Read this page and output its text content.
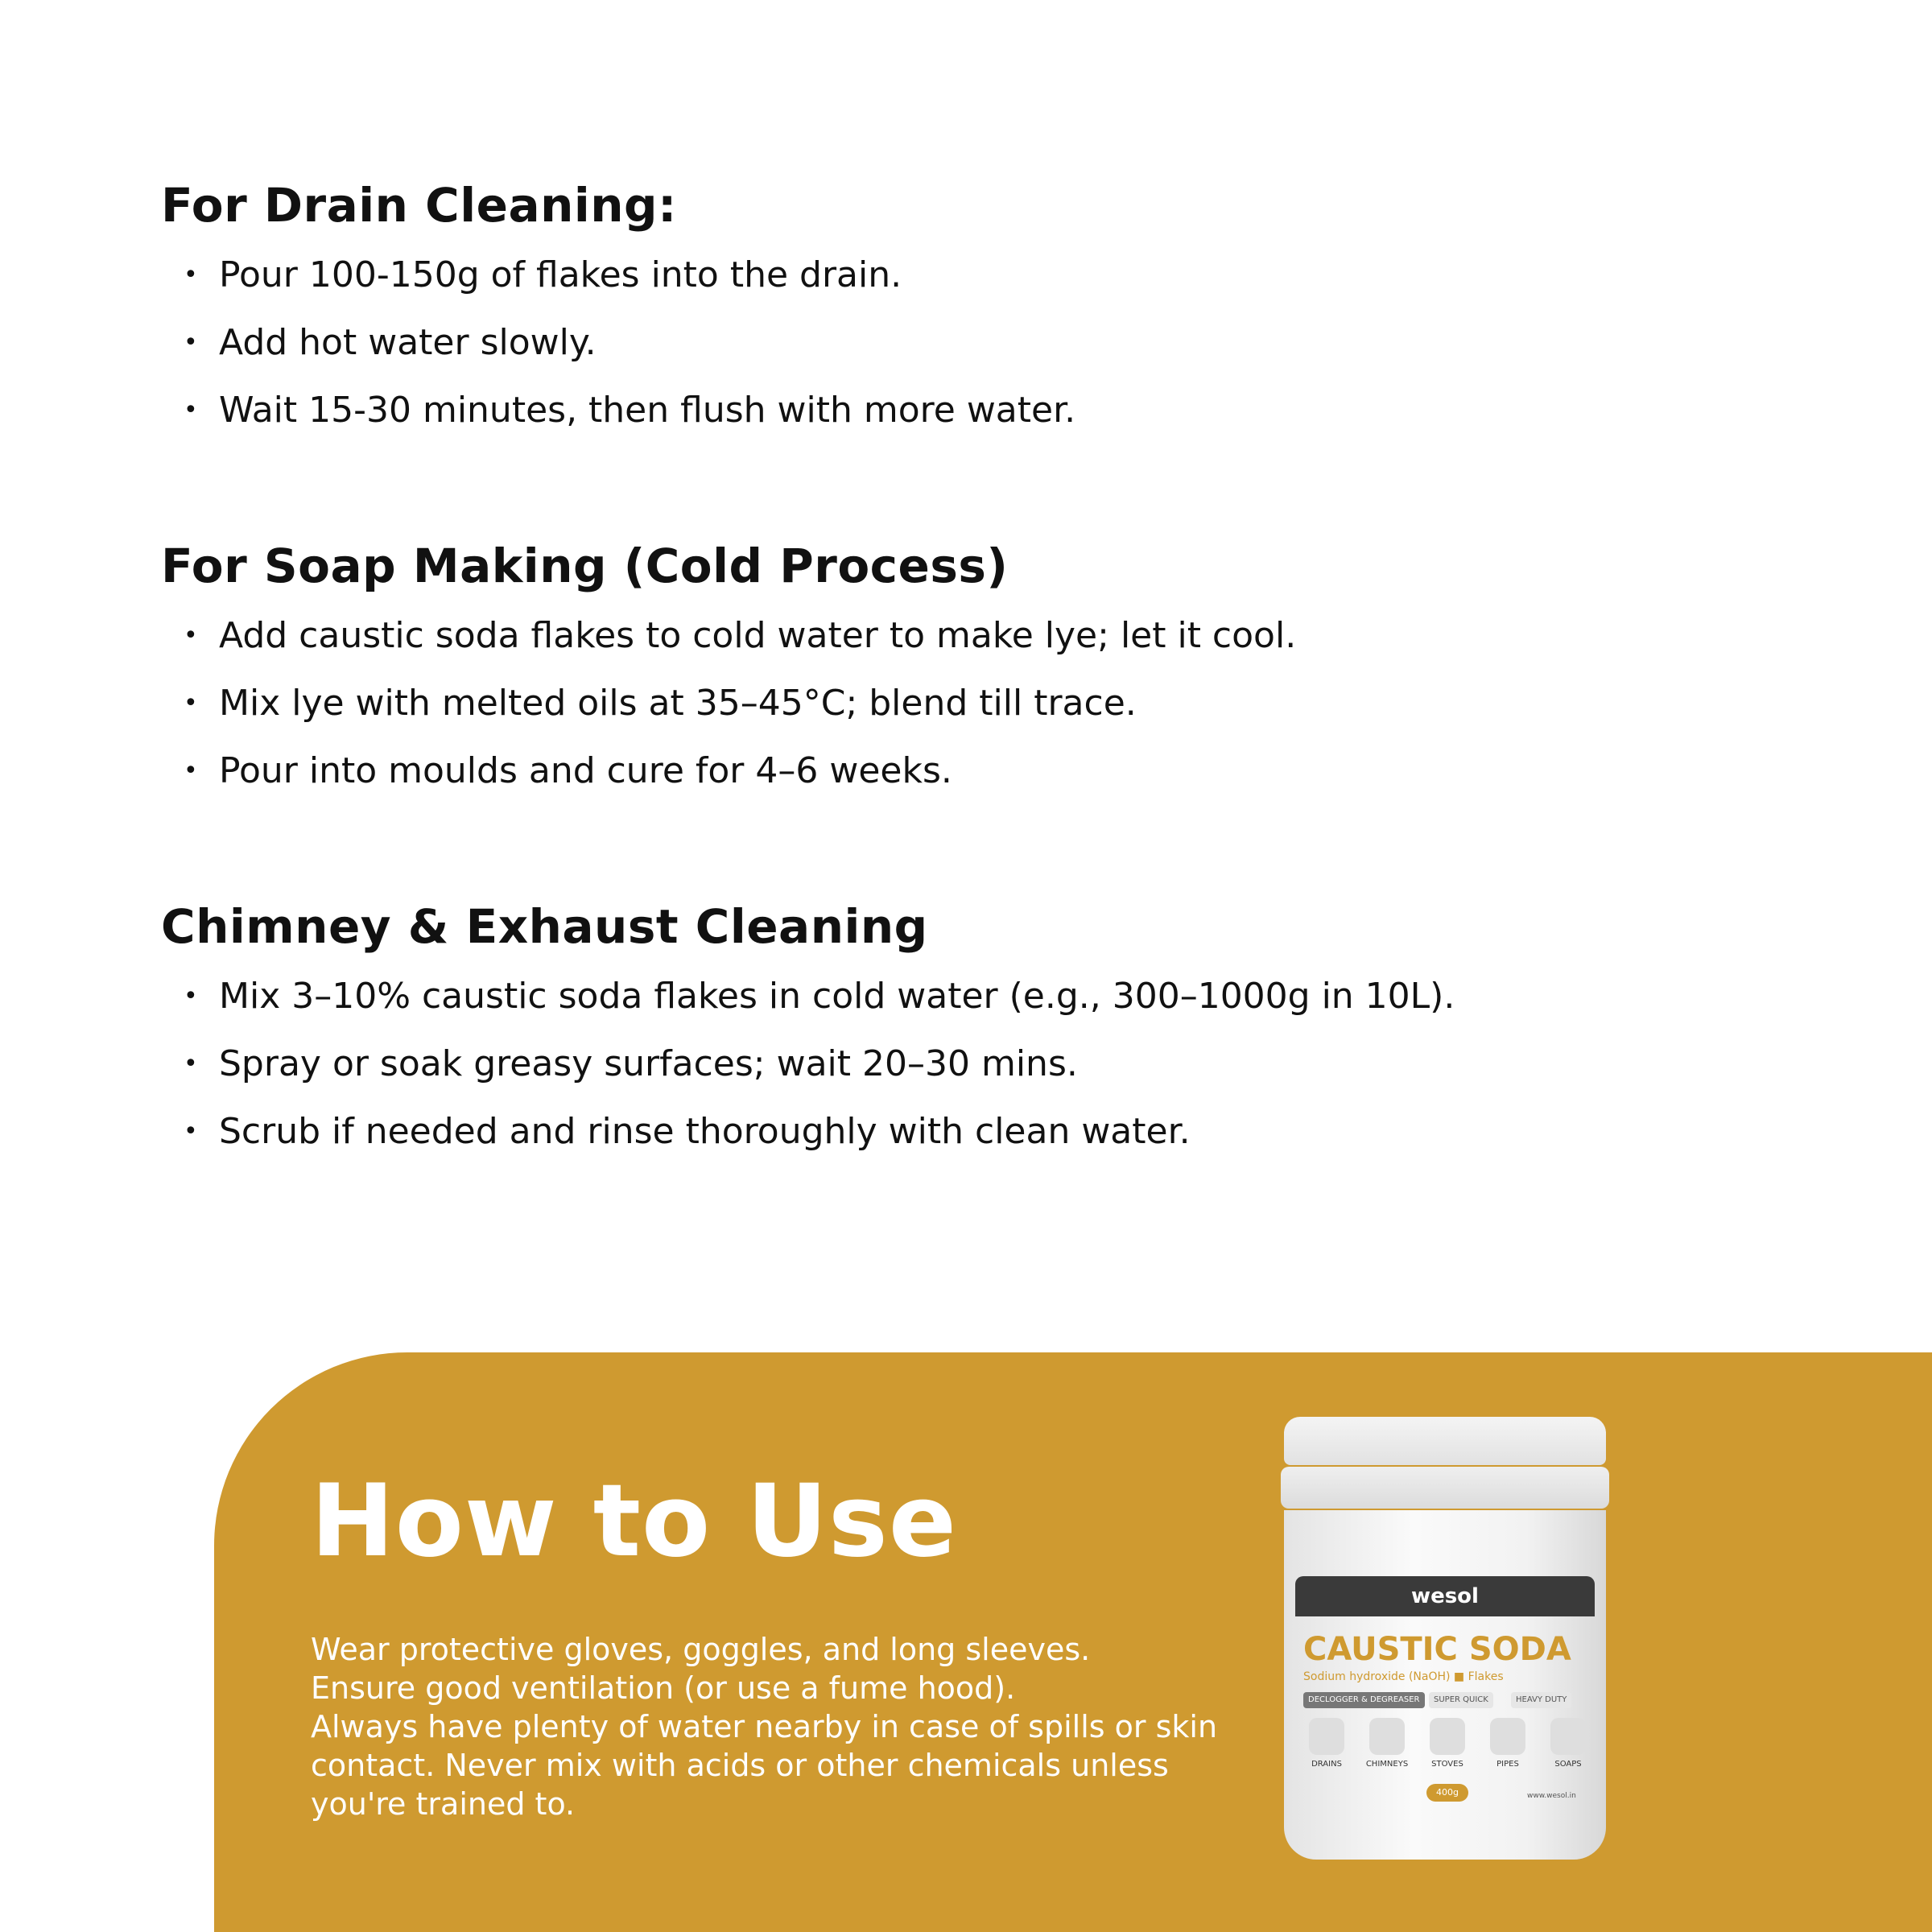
For Drain Cleaning:
• Pour 100-150g of flakes into the drain.
• Add hot water slowly.
• Wait 15-30 minutes, then flush with more water.
For Soap Making (Cold Process)
• Add caustic soda flakes to cold water to make lye; let it cool.
• Mix lye with melted oils at 35–45°C; blend till trace.
• Pour into moulds and cure for 4–6 weeks.
Chimney & Exhaust Cleaning
• Mix 3–10% caustic soda flakes in cold water (e.g., 300–1000g in 10L).
• Spray or soak greasy surfaces; wait 20–30 mins.
• Scrub if needed and rinse thoroughly with clean water.
How to Use
Wear protective gloves, goggles, and long sleeves.
Ensure good ventilation (or use a fume hood).
Always have plenty of water nearby in case of spills or skin
contact. Never mix with acids or other chemicals unless
you're trained to.
wesol
CAUSTIC SODA
Sodium hydroxide (NaOH) ■ Flakes
DECLOGGER & DEGREASER	SUPER QUICK	HEAVY DUTY
DRAINS	CHIMNEYS	STOVES	PIPES	SOAPS
400g	www.wesol.in
